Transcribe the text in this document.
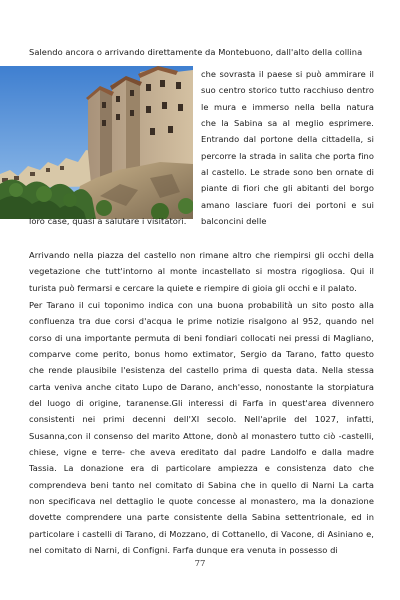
Salendo ancora o arrivando direttamente da Montebuono, dall'alto della collina

che sovrasta il paese si può ammirare il suo centro storico tutto racchiuso dentro le mura e immerso nella bella natura che la Sabina sa al meglio esprimere. Entrando dal portone della cittadella, si percorre la strada in salita che porta fino al castello. Le strade sono ben ornate di piante di fiori che gli abitanti del borgo amano lasciare fuori dei portoni e sui balconcini delle

loro case, quasi a salutare i visitatori.

Arrivando nella piazza del castello non rimane altro che riempirsi gli occhi della vegetazione che tutt'intorno al monte incastellato si mostra rigogliosa. Qui il turista può fermarsi e cercare la quiete e riempire di gioia gli occhi e il palato.

Per Tarano il cui toponimo indica con una buona probabilità un sito posto alla confluenza tra due corsi d'acqua le prime notizie risalgono al 952, quando nel corso di una importante permuta di beni fondiari collocati nei pressi di Magliano, comparve come perito, bonus homo extimator, Sergio da Tarano, fatto questo che rende plausibile l'esistenza del castello prima di questa data. Nella stessa carta veniva anche citato Lupo de Darano, anch'esso, nonostante la storpiatura del luogo di origine, taranense.Gli interessi di Farfa in quest'area divennero consistenti nei primi decenni dell'XI secolo. Nell'aprile del 1027, infatti, Susanna,con il consenso del marito Attone, donò al monastero tutto ciò -castelli, chiese, vigne e terre- che aveva ereditato dal padre Landolfo e dalla madre Tassia. La donazione era di particolare ampiezza e consistenza dato che comprendeva beni tanto nel comitato di Sabina che in quello di Narni La carta non specificava nel dettaglio le quote concesse al monastero, ma la donazione dovette comprendere una parte consistente della Sabina settentrionale, ed in particolare i castelli di Tarano, di Mozzano, di Cottanello, di Vacone, di Asiniano e, nel comitato di Narni, di Configni. Farfa dunque era venuta in possesso di

77
